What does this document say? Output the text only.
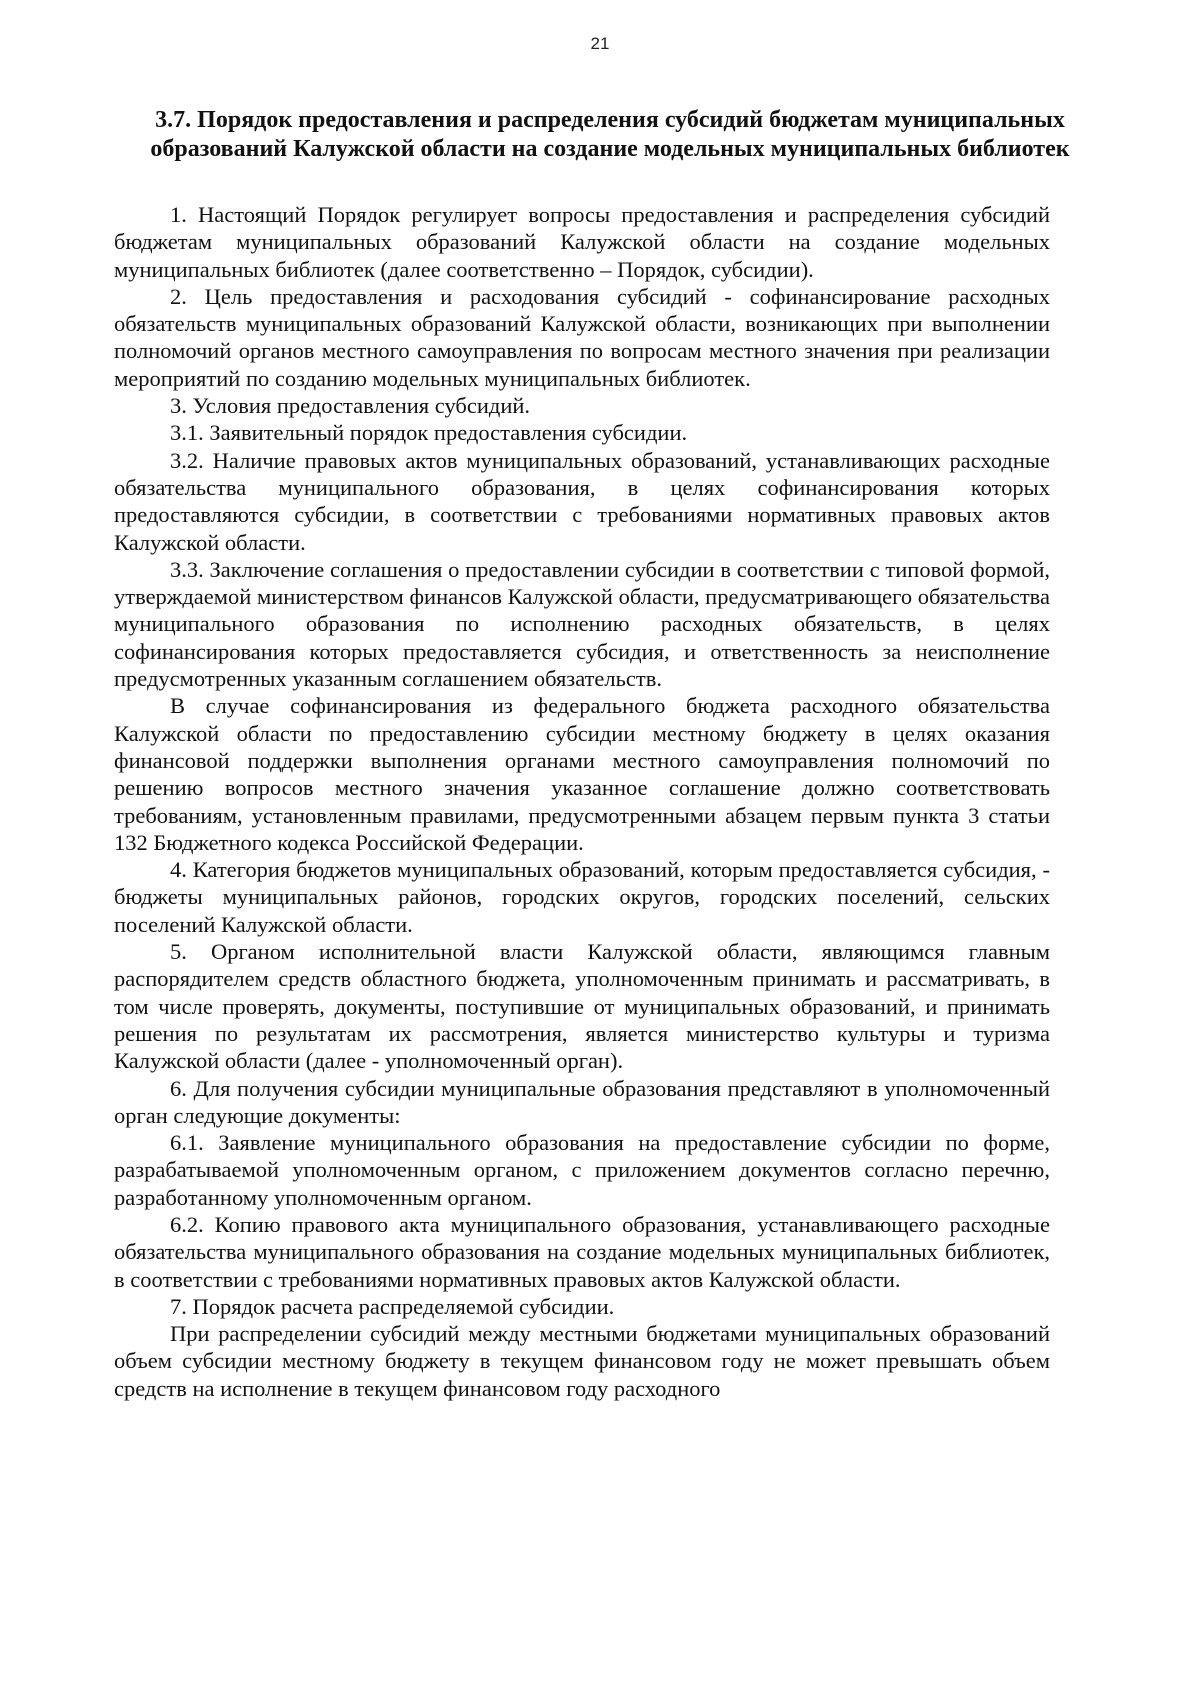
21
3.7. Порядок предоставления и распределения субсидий бюджетам муниципальных образований Калужской области на создание модельных муниципальных библиотек

1. Настоящий Порядок регулирует вопросы предоставления и распределения субсидий бюджетам муниципальных образований Калужской области на создание модельных муниципальных библиотек (далее соответственно – Порядок, субсидии).

2. Цель предоставления и расходования субсидий - софинансирование расходных обязательств муниципальных образований Калужской области, возникающих при выполнении полномочий органов местного самоуправления по вопросам местного значения при реализации мероприятий по созданию модельных муниципальных библиотек.

3. Условия предоставления субсидий.

3.1. Заявительный порядок предоставления субсидии.

3.2. Наличие правовых актов муниципальных образований, устанавливающих расходные обязательства муниципального образования, в целях софинансирования которых предоставляются субсидии, в соответствии с требованиями нормативных правовых актов Калужской области.

3.3. Заключение соглашения о предоставлении субсидии в соответствии с типовой формой, утверждаемой министерством финансов Калужской области, предусматривающего обязательства муниципального образования по исполнению расходных обязательств, в целях софинансирования которых предоставляется субсидия, и ответственность за неисполнение предусмотренных указанным соглашением обязательств.

В случае софинансирования из федерального бюджета расходного обязательства Калужской области по предоставлению субсидии местному бюджету в целях оказания финансовой поддержки выполнения органами местного самоуправления полномочий по решению вопросов местного значения указанное соглашение должно соответствовать требованиям, установленным правилами, предусмотренными абзацем первым пункта 3 статьи 132 Бюджетного кодекса Российской Федерации.

4. Категория бюджетов муниципальных образований, которым предоставляется субсидия, - бюджеты муниципальных районов, городских округов, городских поселений, сельских поселений Калужской области.

5. Органом исполнительной власти Калужской области, являющимся главным распорядителем средств областного бюджета, уполномоченным принимать и рассматривать, в том числе проверять, документы, поступившие от муниципальных образований, и принимать решения по результатам их рассмотрения, является министерство культуры и туризма Калужской области (далее - уполномоченный орган).

6. Для получения субсидии муниципальные образования представляют в уполномоченный орган следующие документы:

6.1. Заявление муниципального образования на предоставление субсидии по форме, разрабатываемой уполномоченным органом, с приложением документов согласно перечню, разработанному уполномоченным органом.

6.2. Копию правового акта муниципального образования, устанавливающего расходные обязательства муниципального образования на создание модельных муниципальных библиотек, в соответствии с требованиями нормативных правовых актов Калужской области.

7. Порядок расчета распределяемой субсидии.

При распределении субсидий между местными бюджетами муниципальных образований объем субсидии местному бюджету в текущем финансовом году не может превышать объем средств на исполнение в текущем финансовом году расходного
